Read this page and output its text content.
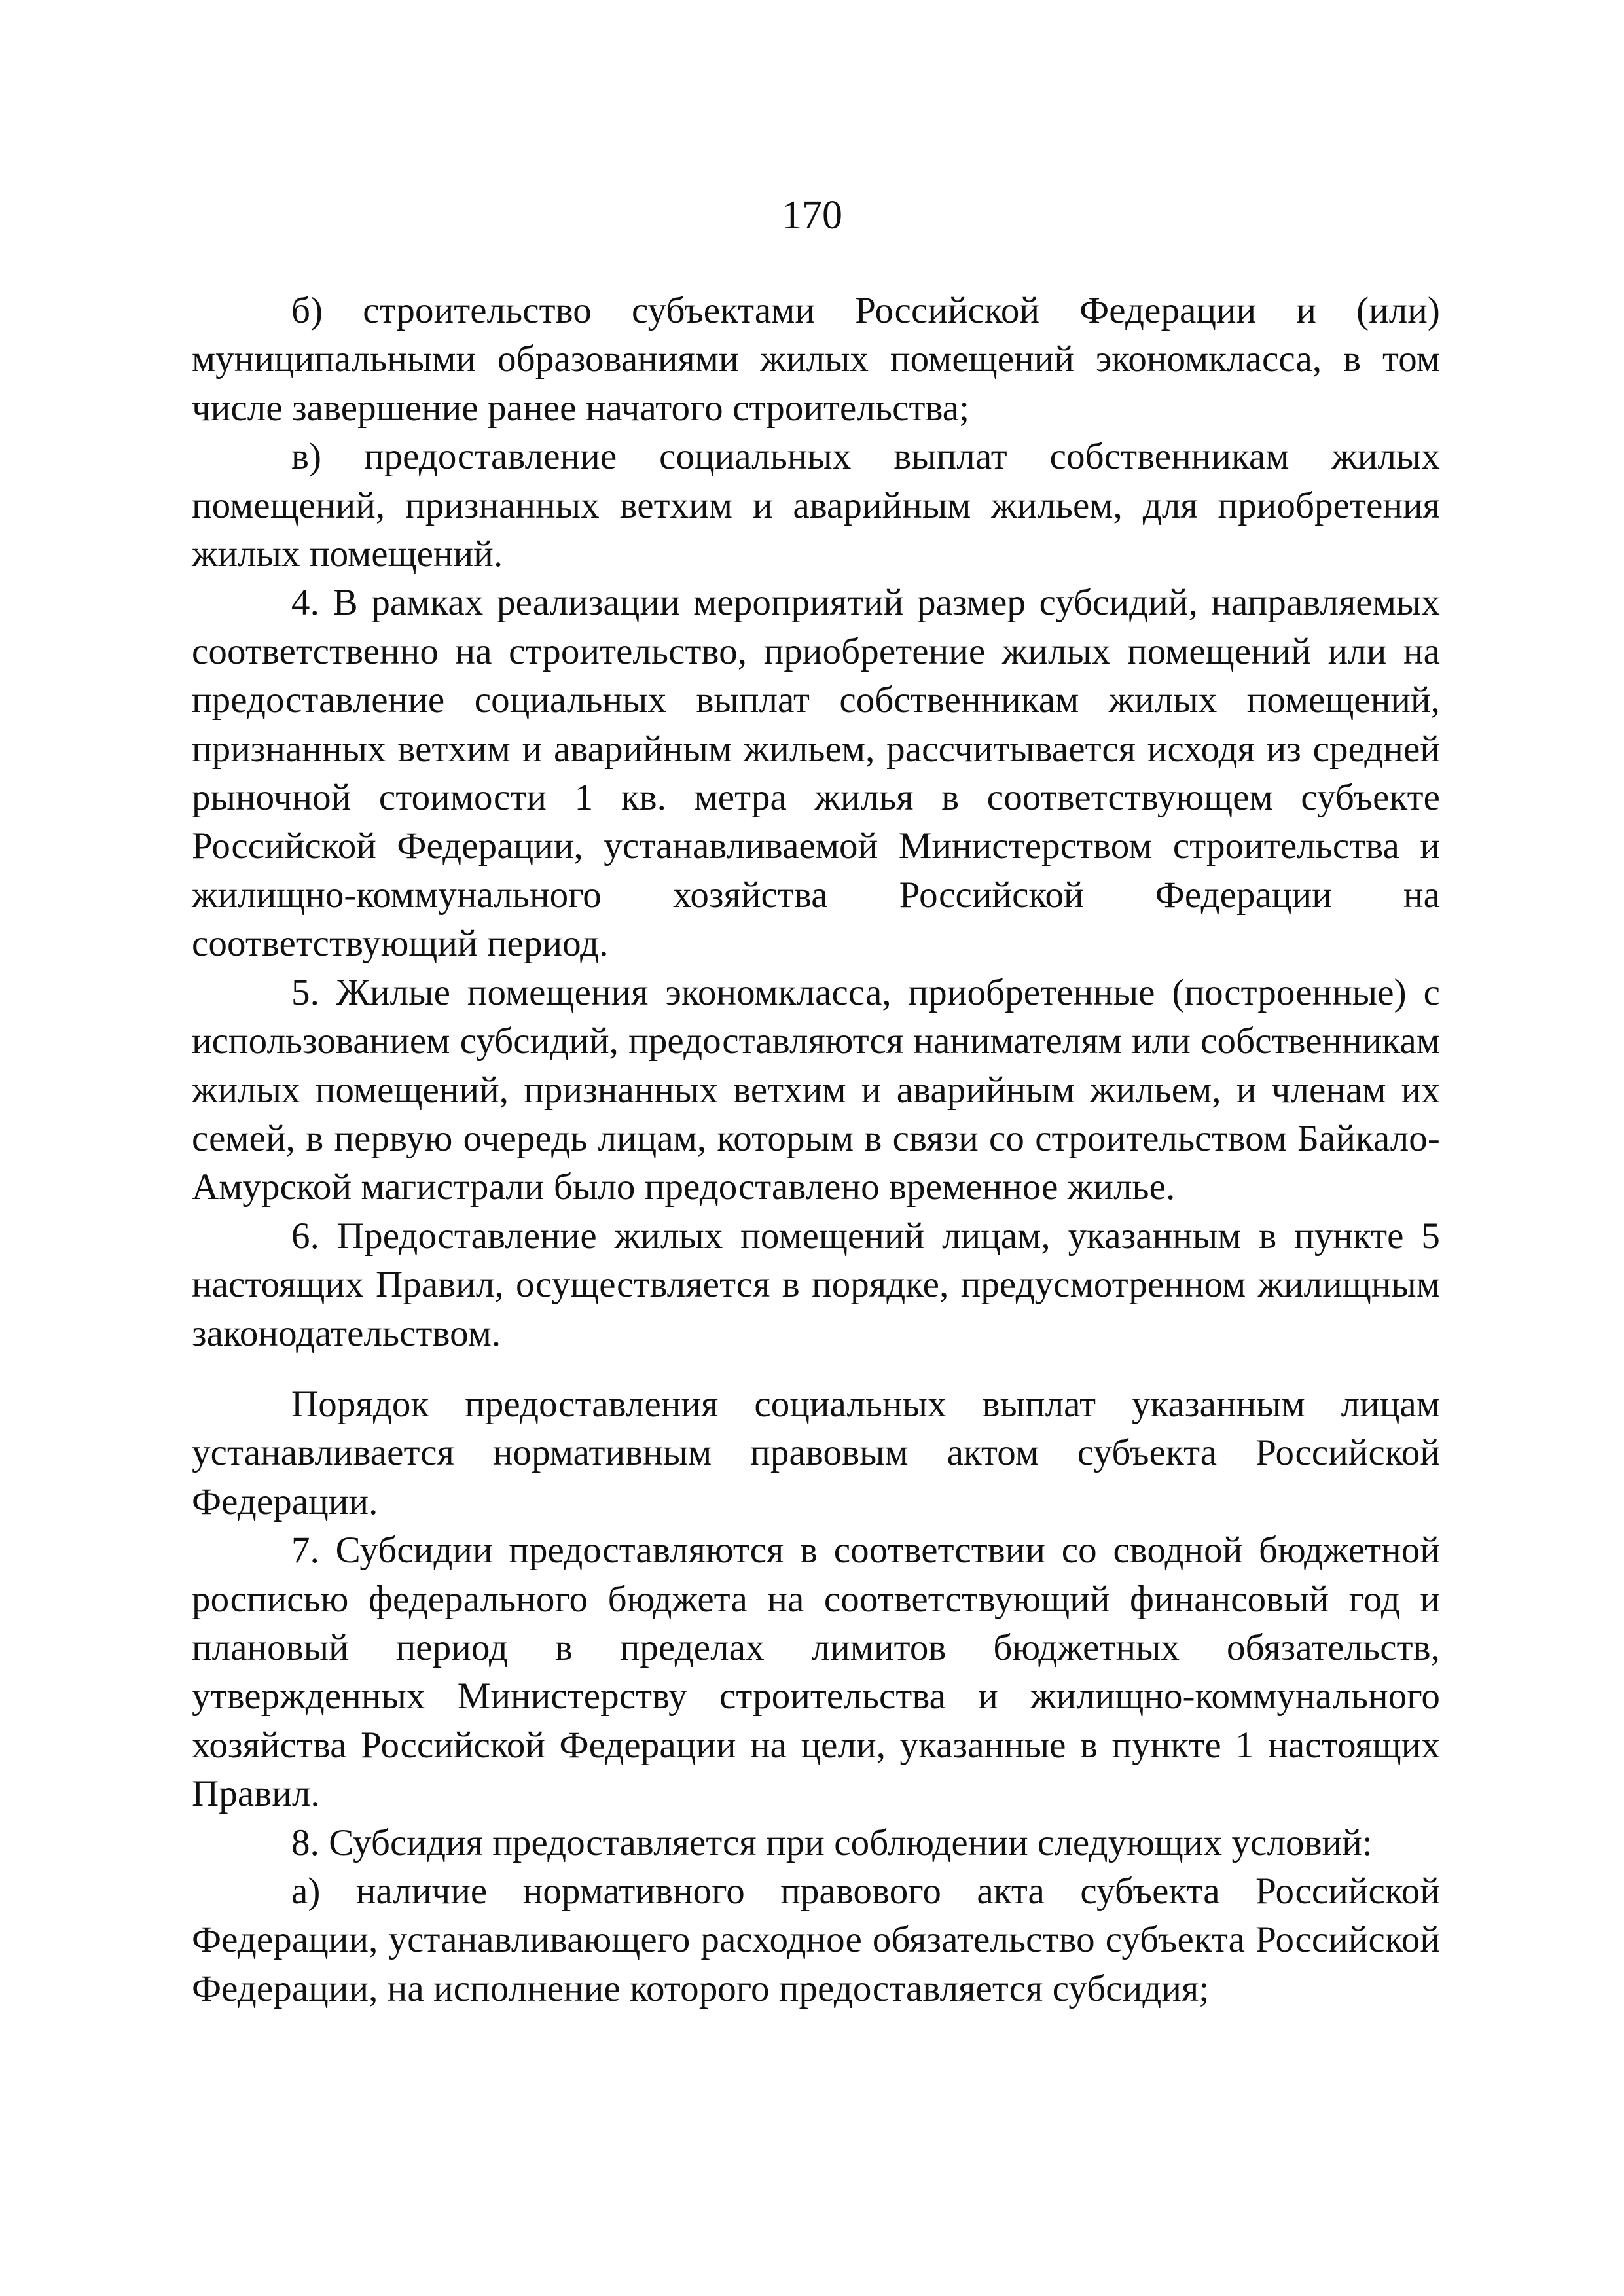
170

б) строительство субъектами Российской Федерации и (или) муниципальными образованиями жилых помещений экономкласса, в том числе завершение ранее начатого строительства;

в) предоставление социальных выплат собственникам жилых помещений, признанных ветхим и аварийным жильем, для приобретения жилых помещений.

4. В рамках реализации мероприятий размер субсидий, направляемых соответственно на строительство, приобретение жилых помещений или на предоставление социальных выплат собственникам жилых помещений, признанных ветхим и аварийным жильем, рассчитывается исходя из средней рыночной стоимости 1 кв. метра жилья в соответствующем субъекте Российской Федерации, устанавливаемой Министерством строительства и жилищно-коммунального хозяйства Российской Федерации на соответствующий период.

5. Жилые помещения экономкласса, приобретенные (построенные) с использованием субсидий, предоставляются нанимателям или собственникам жилых помещений, признанных ветхим и аварийным жильем, и членам их семей, в первую очередь лицам, которым в связи со строительством Байкало-Амурской магистрали было предоставлено временное жилье.

6. Предоставление жилых помещений лицам, указанным в пункте 5 настоящих Правил, осуществляется в порядке, предусмотренном жилищным законодательством.

Порядок предоставления социальных выплат указанным лицам устанавливается нормативным правовым актом субъекта Российской Федерации.

7. Субсидии предоставляются в соответствии со сводной бюджетной росписью федерального бюджета на соответствующий финансовый год и плановый период в пределах лимитов бюджетных обязательств, утвержденных Министерству строительства и жилищно-коммунального хозяйства Российской Федерации на цели, указанные в пункте 1 настоящих Правил.

8. Субсидия предоставляется при соблюдении следующих условий:

а) наличие нормативного правового акта субъекта Российской Федерации, устанавливающего расходное обязательство субъекта Российской Федерации, на исполнение которого предоставляется субсидия;
